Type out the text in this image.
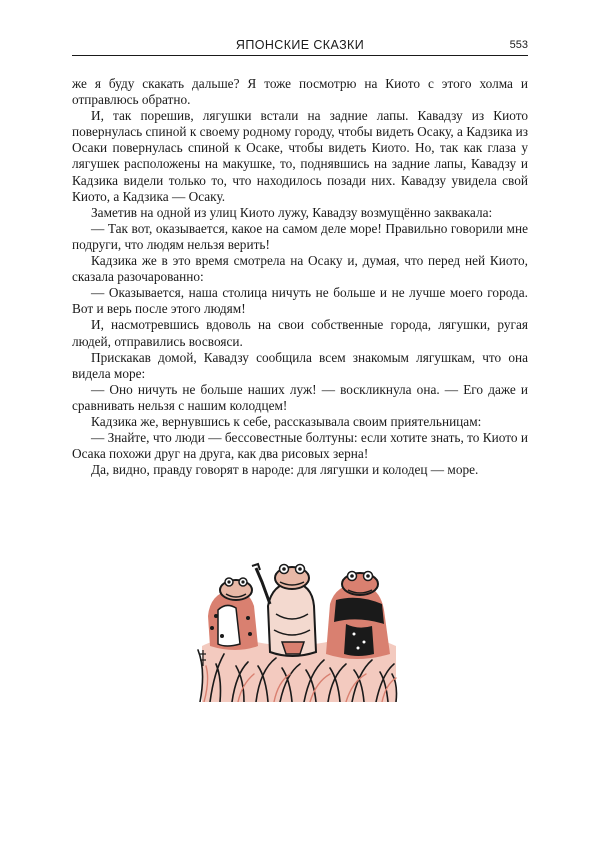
ЯПОНСКИЕ СКАЗКИ	553

же я буду скакать дальше? Я тоже посмотрю на Киото с этого холма и отправлюсь обратно.

И, так порешив, лягушки встали на задние лапы. Кавадзу из Киото повернулась спиной к своему родному городу, чтобы видеть Осаку, а Кадзика из Осаки повернулась спиной к Осаке, чтобы видеть Киото. Но, так как глаза у лягушек расположены на макушке, то, поднявшись на задние лапы, Кавадзу и Кадзика видели только то, что находилось позади них. Кавадзу увидела свой Киото, а Кадзика — Осаку.

Заметив на одной из улиц Киото лужу, Кавадзу возмущённо заквакала:

— Так вот, оказывается, какое на самом деле море! Правильно говорили мне подруги, что людям нельзя верить!

Кадзика же в это время смотрела на Осаку и, думая, что перед ней Киото, сказала разочарованно:

— Оказывается, наша столица ничуть не больше и не лучше моего города. Вот и верь после этого людям!

И, насмотревшись вдоволь на свои собственные города, лягушки, ругая людей, отправились восвояси.

Прискакав домой, Кавадзу сообщила всем знакомым лягушкам, что она видела море:

— Оно ничуть не больше наших луж! — воскликнула она. — Его даже и сравнивать нельзя с нашим колодцем!

Кадзика же, вернувшись к себе, рассказывала своим приятельницам:

— Знайте, что люди — бессовестные болтуны: если хотите знать, то Киото и Осака похожи друг на друга, как два рисовых зерна!

Да, видно, правду говорят в народе: для лягушки и колодец — море.
